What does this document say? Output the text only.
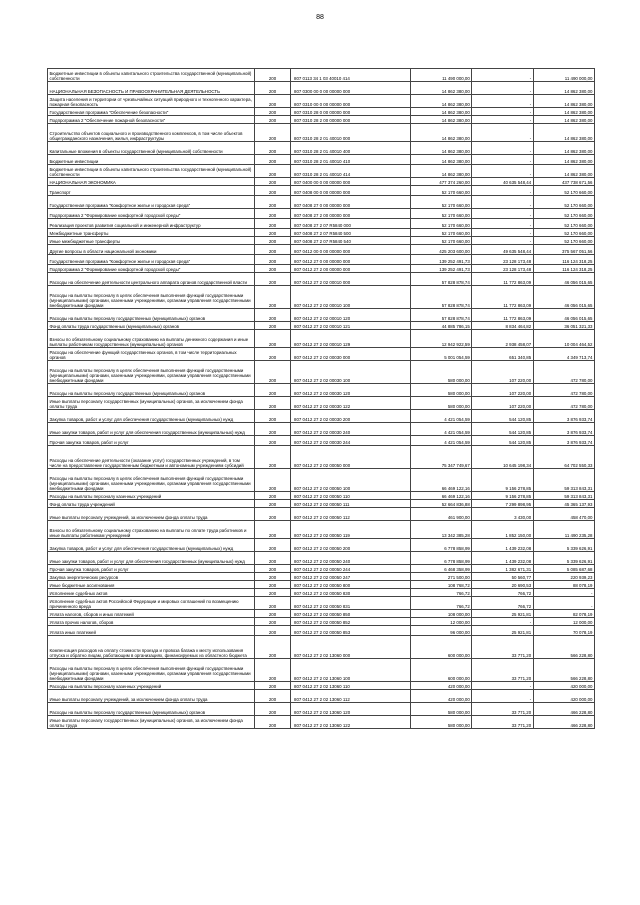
88
Бюджетные инвестиции в объекты капитального строительства государственной (муниципальной) собственности	200	807 0113 34 1 03 40010 414	11 490 000,00	-	11 490 000,00
НАЦИОНАЛЬНАЯ БЕЗОПАСНОСТЬ И ПРАВООХРАНИТЕЛЬНАЯ ДЕЯТЕЛЬНОСТЬ	200	807 0300 00 0 00 00000 000	14 862 380,00	-	14 862 380,00
Защита населения и территории от чрезвычайных ситуаций природного и техногенного характера, пожарная безопасность	200	807 0310 00 0 00 00000 000	14 862 380,00	-	14 862 380,00
Государственная программа "Обеспечение безопасности"	200	807 0310 28 0 00 00000 000	14 862 380,00	-	14 862 380,00
Подпрограмма 2 "Обеспечение пожарной безопасности"	200	807 0310 28 2 00 00000 000	14 862 380,00	-	14 862 380,00
Строительство объектов социального и производственного комплексов, в том числе объектов общегражданского назначения, жилья, инфраструктуры	200	807 0310 28 2 01 40010 000	14 862 380,00	-	14 862 380,00
Капитальные вложения в объекты государственной (муниципальной) собственности	200	807 0310 28 2 01 40010 400	14 862 380,00	-	14 862 380,00
Бюджетные инвестиции	200	807 0310 28 2 01 40010 410	14 862 380,00	-	14 862 380,00
Бюджетные инвестиции в объекты капитального строительства государственной (муниципальной) собственности	200	807 0310 28 2 01 40010 414	14 862 380,00	-	14 862 380,00
НАЦИОНАЛЬНАЯ ЭКОНОМИКА	200	807 0400 00 0 00 00000 000	477 374 260,00	40 635 548,44	437 738 671,56
Транспорт	200	807 0408 00 0 00 00000 000	52 170 660,00	-	52 170 660,00
Государственная программа "Комфортное жилье и городская среда"	200	807 0408 27 0 00 00000 000	52 170 660,00	-	52 170 660,00
Подпрограмма 2 "Формирование комфортной городской среды"	200	807 0408 27 2 00 00000 000	52 170 660,00	-	52 170 660,00
Реализация проектов развития социальной и инженерной инфраструктур	200	807 0408 27 2 07 R5840 000	52 170 660,00	-	52 170 660,00
Межбюджетные трансферты	200	807 0408 27 2 07 R5840 500	52 170 660,00	-	52 170 660,00
Иные межбюджетные трансферты	200	807 0408 27 2 07 R5840 540	52 170 660,00	-	52 170 660,00
Другие вопросы в области национальной экономики	200	807 0412 00 0 00 00000 000	425 203 600,00	49 635 548,44	375 567 051,56
Государственная программа "Комфортное жилье и городская среда"	200	807 0412 27 0 00 00000 000	139 252 491,73	23 128 173,48	116 124 318,25
Подпрограмма 2 "Формирование комфортной городской среды"	200	807 0412 27 2 00 00000 000	139 252 491,73	23 128 173,48	116 124 318,25
Расходы на обеспечение деятельности центрального аппарата органов государственной власти	200	807 0412 27 2 02 00010 000	57 828 878,74	11 772 863,09	46 056 015,65
Расходы на выплаты персоналу в целях обеспечения выполнения функций государственными (муниципальными) органами, казенными учреждениями, органами управления государственными внебюджетными фондами	200	807 0412 27 2 02 00010 100	57 828 878,74	11 772 863,09	46 056 015,65
Расходы на выплаты персоналу государственных (муниципальных) органов	200	807 0412 27 2 02 00010 120	57 828 878,74	11 772 863,09	46 056 015,65
Фонд оплаты труда государственных (муниципальных) органов	200	807 0412 27 2 02 00010 121	44 885 786,15	8 834 464,82	36 051 321,33
Взносы по обязательному социальному страхованию на выплаты денежного содержания и иные выплаты работникам государственных (муниципальных) органов	200	807 0412 27 2 02 00010 129	12 942 922,59	2 938 458,07	10 004 464,52
Расходы на обеспечение функций государственных органов, в том числе территориальных органов	200	807 0412 27 2 02 00030 000	5 001 054,59	651 340,85	4 349 713,74
Расходы на выплаты персоналу в целях обеспечения выполнения функций государственными (муниципальными) органами, казенными учреждениями, органами управления государственными внебюджетными фондами	200	807 0412 27 2 02 00030 100	580 000,00	107 220,00	472 780,00
Расходы на выплаты персоналу государственных (муниципальных) органов	200	807 0412 27 2 02 00030 120	580 000,00	107 220,00	472 780,00
Иные выплаты персоналу государственных (муниципальных) органов, за исключением фонда оплаты труда	200	807 0412 27 2 02 00030 122	580 000,00	107 220,00	472 780,00
Закупка товаров, работ и услуг для обеспечения государственных (муниципальных) нужд	200	807 0412 27 2 02 00030 200	4 421 054,59	544 120,85	3 876 933,74
Иные закупки товаров, работ и услуг для обеспечения государственных (муниципальных) нужд	200	807 0412 27 2 02 00030 240	4 421 054,59	544 120,85	3 876 933,74
Прочая закупка товаров, работ и услуг	200	807 0412 27 2 02 00030 244	4 421 054,59	544 120,85	3 876 933,74
Расходы на обеспечение деятельности (оказание услуг) государственных учреждений, в том числе на предоставление государственным бюджетным и автономным учреждениям субсидий	200	807 0412 27 2 02 00050 000	75 347 749,67	10 645 198,34	64 702 550,33
Расходы на выплаты персоналу в целях обеспечения выполнения функций государственными (муниципальными) органами, казенными учреждениями, органами управления государственными внебюджетными фондами	200	807 0412 27 2 02 00050 100	66 469 122,16	9 156 278,85	59 313 843,31
Расходы на выплаты персоналу казенных учреждений	200	807 0412 27 2 02 00050 110	66 469 122,16	9 156 278,85	59 313 843,31
Фонд оплаты труда учреждений	200	807 0412 27 2 02 00050 111	52 664 836,88	7 299 898,95	45 365 137,93
Иные выплаты персоналу учреждений, за исключением фонда оплаты труда	200	807 0412 27 2 02 00050 112	461 900,00	3 430,00	458 470,00
Взносы по обязательному социальному страхованию на выплаты по оплате труда работников и иные выплаты работникам учреждений	200	807 0412 27 2 02 00050 119	13 342 385,28	1 852 150,00	11 490 235,28
Закупка товаров, работ и услуг для обеспечения государственных (муниципальных) нужд	200	807 0412 27 2 02 00050 200	6 778 858,99	1 439 232,08	5 339 626,91
Иные закупки товаров, работ и услуг для обеспечения государственных (муниципальных) нужд	200	807 0412 27 2 02 00050 240	6 778 858,99	1 439 232,08	5 339 626,91
Прочая закупка товаров, работ и услуг	200	807 0412 27 2 02 00050 244	6 468 358,99	1 382 671,31	5 085 687,68
Закупка энергетических ресурсов	200	807 0412 27 2 02 00050 247	271 500,00	50 560,77	220 939,23
Иные бюджетные ассигнования	200	807 0412 27 2 02 00050 800	108 768,72	20 690,53	88 078,19
Исполнение судебных актов	200	807 0412 27 2 02 00050 830	766,72	766,72	-
Исполнение судебных актов Российской Федерации и мировых соглашений по возмещению причиненного вреда	200	807 0412 27 2 02 00050 831	766,72	766,72	-
Уплата налогов, сборов и иных платежей	200	807 0412 27 2 02 00050 850	108 000,00	25 921,81	82 078,19
Уплата прочих налогов, сборов	200	807 0412 27 2 02 00050 852	12 000,00	-	12 000,00
Уплата иных платежей	200	807 0412 27 2 02 00050 853	96 000,00	25 921,81	70 078,19
Компенсация расходов на оплату стоимости проезда и провоза багажа к месту использования отпуска и обратно лицам, работающим в организациях, финансируемых из областного бюджета	200	807 0412 27 2 02 13060 000	600 000,00	33 771,20	566 228,80
Расходы на выплаты персоналу в целях обеспечения выполнения функций государственными (муниципальными) органами, казенными учреждениями, органами управления государственными внебюджетными фондами	200	807 0412 27 2 02 13060 100	600 000,00	33 771,20	566 228,80
Расходы на выплаты персоналу казенных учреждений	200	807 0412 27 2 02 13060 110	420 000,00	-	420 000,00
Иные выплаты персоналу учреждений, за исключением фонда оплаты труда	200	807 0412 27 2 02 13060 112	420 000,00	-	420 000,00
Расходы на выплаты персоналу государственных (муниципальных) органов	200	807 0412 27 2 02 13060 120	580 000,00	33 771,20	466 228,80
Иные выплаты персоналу государственных (муниципальных) органов, за исключением фонда оплаты труда	200	807 0412 27 2 02 13060 122	580 000,00	33 771,20	466 228,80
